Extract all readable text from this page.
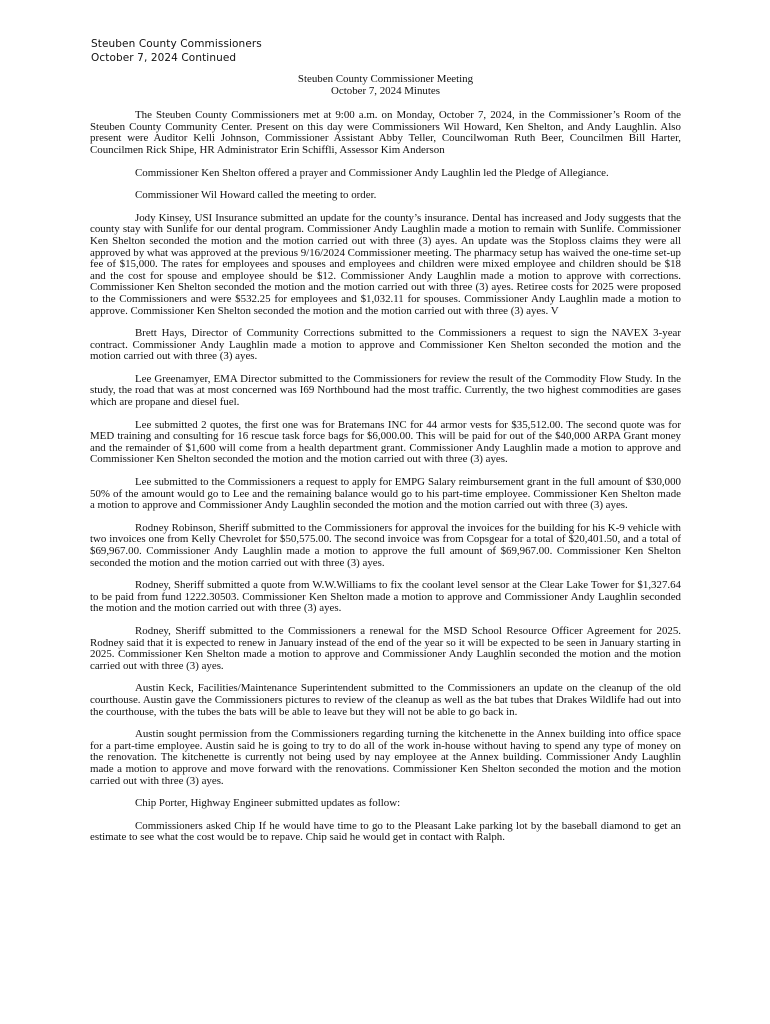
Steuben County Commissioners
October 7, 2024 Continued
Steuben County Commissioner Meeting
October 7, 2024 Minutes

The Steuben County Commissioners met at 9:00 a.m. on Monday, October 7, 2024, in the Commissioner’s Room of the Steuben County Community Center. Present on this day were Commissioners Wil Howard, Ken Shelton, and Andy Laughlin. Also present were Auditor Kelli Johnson, Commissioner Assistant Abby Teller, Councilwoman Ruth Beer, Councilmen Bill Harter, Councilmen Rick Shipe, HR Administrator Erin Schiffli, Assessor Kim Anderson

Commissioner Ken Shelton offered a prayer and Commissioner Andy Laughlin led the Pledge of Allegiance.

Commissioner Wil Howard called the meeting to order.

Jody Kinsey, USI Insurance submitted an update for the county’s insurance. Dental has increased and Jody suggests that the county stay with Sunlife for our dental program. Commissioner Andy Laughlin made a motion to remain with Sunlife. Commissioner Ken Shelton seconded the motion and the motion carried out with three (3) ayes. An update was the Stoploss claims they were all approved by what was approved at the previous 9/16/2024 Commissioner meeting. The pharmacy setup has waived the one-time set-up fee of $15,000. The rates for employees and spouses and employees and children were mixed employee and children should be $18 and the cost for spouse and employee should be $12. Commissioner Andy Laughlin made a motion to approve with corrections. Commissioner Ken Shelton seconded the motion and the motion carried out with three (3) ayes. Retiree costs for 2025 were proposed to the Commissioners and were $532.25 for employees and $1,032.11 for spouses. Commissioner Andy Laughlin made a motion to approve. Commissioner Ken Shelton seconded the motion and the motion carried out with three (3) ayes. V

Brett Hays, Director of Community Corrections submitted to the Commissioners a request to sign the NAVEX 3-year contract. Commissioner Andy Laughlin made a motion to approve and Commissioner Ken Shelton seconded the motion and the motion carried out with three (3) ayes.

Lee Greenamyer, EMA Director submitted to the Commissioners for review the result of the Commodity Flow Study. In the study, the road that was at most concerned was I69 Northbound had the most traffic. Currently, the two highest commodities are gases which are propane and diesel fuel.

Lee submitted 2 quotes, the first one was for Bratemans INC for 44 armor vests for $35,512.00. The second quote was for MED training and consulting for 16 rescue task force bags for $6,000.00. This will be paid for out of the $40,000 ARPA Grant money and the remainder of $1,600 will come from a health department grant. Commissioner Andy Laughlin made a motion to approve and Commissioner Ken Shelton seconded the motion and the motion carried out with three (3) ayes.

Lee submitted to the Commissioners a request to apply for EMPG Salary reimbursement grant in the full amount of $30,000 50% of the amount would go to Lee and the remaining balance would go to his part-time employee. Commissioner Ken Shelton made a motion to approve and Commissioner Andy Laughlin seconded the motion and the motion carried out with three (3) ayes.

Rodney Robinson, Sheriff submitted to the Commissioners for approval the invoices for the building for his K-9 vehicle with two invoices one from Kelly Chevrolet for $50,575.00. The second invoice was from Copsgear for a total of $20,401.50, and a total of $69,967.00. Commissioner Andy Laughlin made a motion to approve the full amount of $69,967.00. Commissioner Ken Shelton seconded the motion and the motion carried out with three (3) ayes.

Rodney, Sheriff submitted a quote from W.W.Williams to fix the coolant level sensor at the Clear Lake Tower for $1,327.64 to be paid from fund 1222.30503. Commissioner Ken Shelton made a motion to approve and Commissioner Andy Laughlin seconded the motion and the motion carried out with three (3) ayes.

Rodney, Sheriff submitted to the Commissioners a renewal for the MSD School Resource Officer Agreement for 2025. Rodney said that it is expected to renew in January instead of the end of the year so it will be expected to be seen in January starting in 2025. Commissioner Ken Shelton made a motion to approve and Commissioner Andy Laughlin seconded the motion and the motion carried out with three (3) ayes.

Austin Keck, Facilities/Maintenance Superintendent submitted to the Commissioners an update on the cleanup of the old courthouse. Austin gave the Commissioners pictures to review of the cleanup as well as the bat tubes that Drakes Wildlife had out into the courthouse, with the tubes the bats will be able to leave but they will not be able to go back in.

Austin sought permission from the Commissioners regarding turning the kitchenette in the Annex building into office space for a part-time employee. Austin said he is going to try to do all of the work in-house without having to spend any type of money on the renovation. The kitchenette is currently not being used by nay employee at the Annex building. Commissioner Andy Laughlin made a motion to approve and move forward with the renovations. Commissioner Ken Shelton seconded the motion and the motion carried out with three (3) ayes.

Chip Porter, Highway Engineer submitted updates as follow:

Commissioners asked Chip If he would have time to go to the Pleasant Lake parking lot by the baseball diamond to get an estimate to see what the cost would be to repave. Chip said he would get in contact with Ralph.
